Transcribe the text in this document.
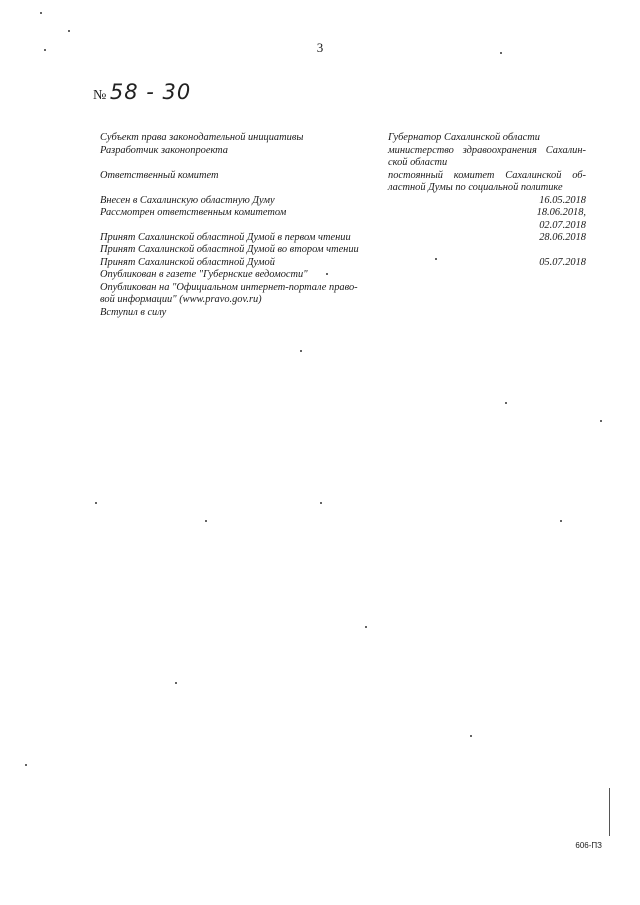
3
№ 58 - 30
Субъект права законодательной инициативы
Разработчик законопроекта
Ответственный комитет
Внесен в Сахалинскую областную Думу
Рассмотрен ответственным комитетом
Принят Сахалинской областной Думой в первом чтении
Принят Сахалинской областной Думой во втором чтении
Принят Сахалинской областной Думой
Опубликован в газете "Губернские ведомости"
Опубликован на "Официальном интернет-портале право-
вой информации" (www.pravo.gov.ru)
Вступил в силу
Губернатор Сахалинской области
министерство здравоохранения Сахалин-
ской области
постоянный комитет Сахалинской об-
ластной Думы по социальной политике
16.05.2018
18.06.2018,
02.07.2018
28.06.2018
05.07.2018
606-ПЗ
